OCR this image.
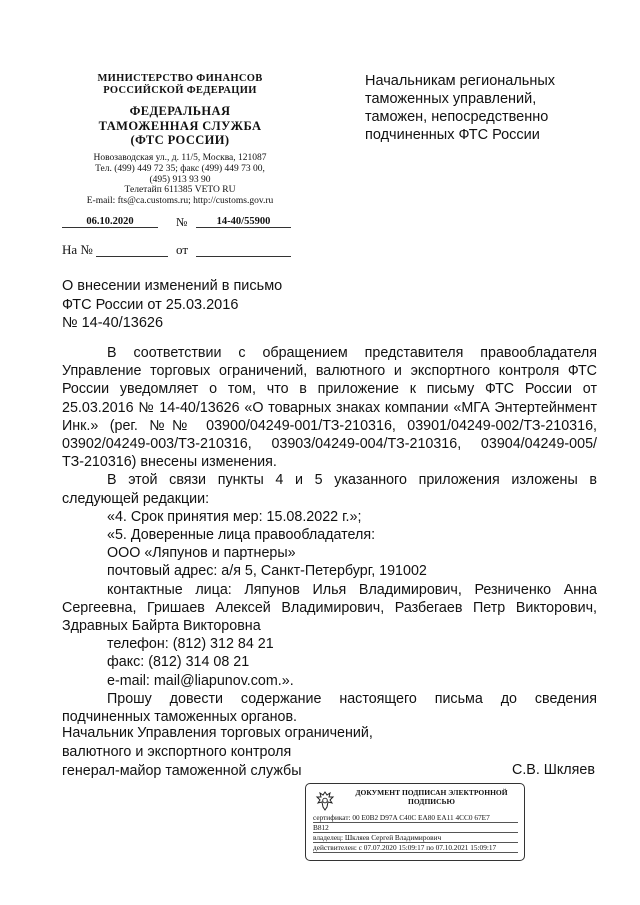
МИНИСТЕРСТВО ФИНАНСОВ
РОССИЙСКОЙ ФЕДЕРАЦИИ
ФЕДЕРАЛЬНАЯ
ТАМОЖЕННАЯ СЛУЖБА
(ФТС РОССИИ)
Новозаводская ул., д. 11/5, Москва, 121087
Тел. (499) 449 72 35; факс (499) 449 73 00,
(495) 913 93 90
Телетайп 611385 VETO RU
E-mail: fts@ca.customs.ru; http://customs.gov.ru
06.10.2020	№	14-40/55900
На №	от
Начальникам региональных
таможенных управлений,
таможен, непосредственно
подчиненных ФТС России
О внесении изменений в письмо
ФТС России от 25.03.2016
№ 14-40/13626

В соответствии с обращением представителя правообладателя Управление торговых ограничений, валютного и экспортного контроля ФТС России уведомляет о том, что в приложение к письму ФТС России от 25.03.2016 № 14-40/13626 «О товарных знаках компании «МГА Энтертейнмент Инк.» (рег. №№ 03900/04249-001/ТЗ-210316, 03901/04249-002/ТЗ-210316, 03902/04249-003/ТЗ-210316, 03903/04249-004/ТЗ-210316, 03904/04249-005/ТЗ-210316) внесены изменения.

В этой связи пункты 4 и 5 указанного приложения изложены в следующей редакции:

«4. Срок принятия мер: 15.08.2022 г.»;

«5. Доверенные лица правообладателя:

ООО «Ляпунов и партнеры»

почтовый адрес: а/я 5, Санкт-Петербург, 191002

контактные лица: Ляпунов Илья Владимирович, Резниченко Анна Сергеевна, Гришаев Алексей Владимирович, Разбегаев Петр Викторович, Здравных Байрта Викторовна

телефон: (812) 312 84 21

факс: (812) 314 08 21

e-mail: mail@liapunov.com.».

Прошу довести содержание настоящего письма до сведения подчиненных таможенных органов.

Начальник Управления торговых ограничений,
валютного и экспортного контроля
генерал-майор таможенной службы	С.В. Шкляев
ДОКУМЕНТ ПОДПИСАН ЭЛЕКТРОННОЙ
ПОДПИСЬЮ
сертификат: 00 E0B2 D97A C40C EA80 EA11 4CC0 67E7
B812
владелец: Шкляев Сергей Владимирович
действителен: с 07.07.2020 15:09:17 по 07.10.2021 15:09:17
